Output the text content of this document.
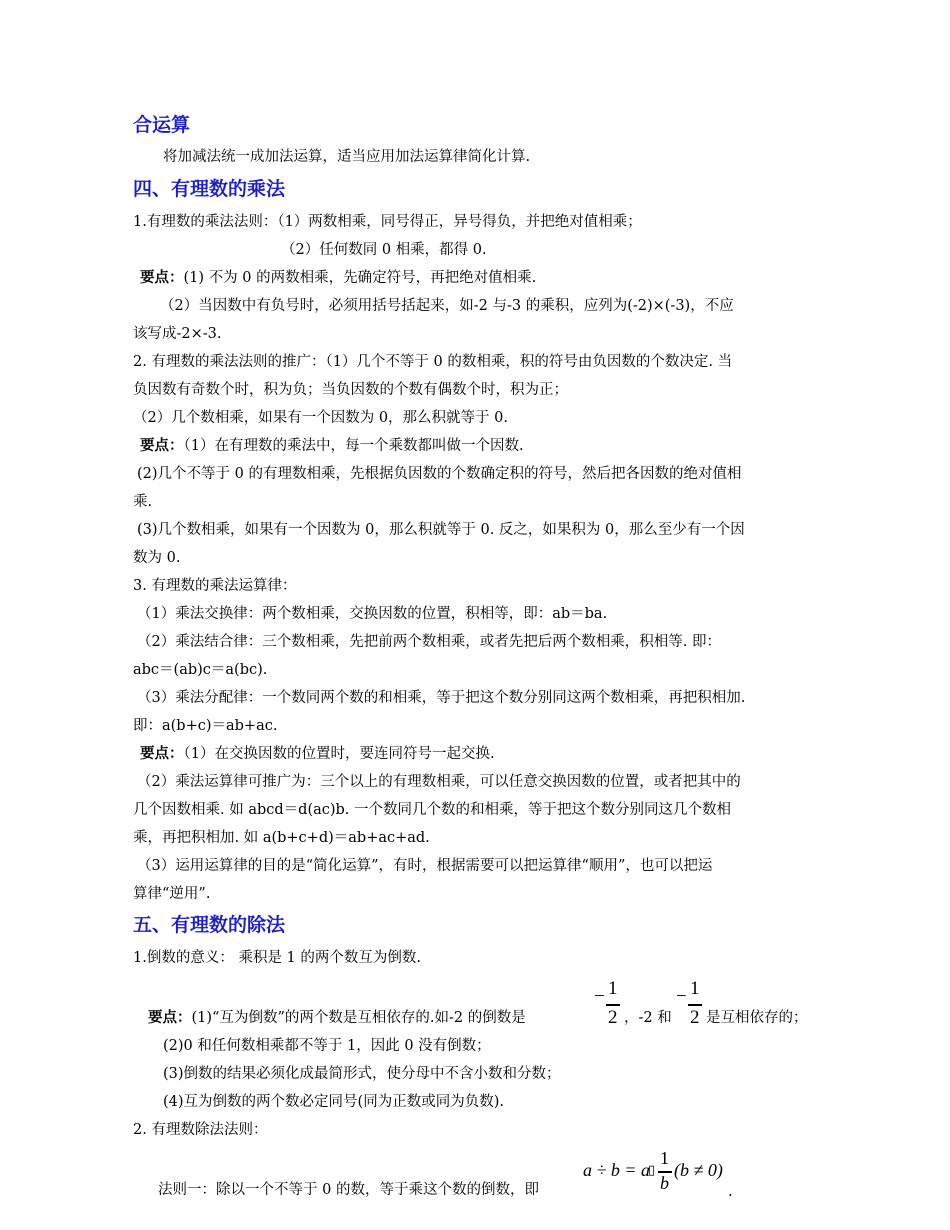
合运算
将加减法统一成加法运算，适当应用加法运算律简化计算.
四、有理数的乘法
1.有理数的乘法法则：（1）两数相乘，同号得正，异号得负，并把绝对值相乘；
（2）任何数同 0 相乘，都得 0.
要点：(1) 不为 0 的两数相乘，先确定符号，再把绝对值相乘.
（2）当因数中有负号时，必须用括号括起来，如-2 与-3 的乘积，应列为(-2)×(-3)，不应
该写成-2×-3.
2. 有理数的乘法法则的推广：（1）几个不等于 0 的数相乘，积的符号由负因数的个数决定. 当
负因数有奇数个时，积为负；当负因数的个数有偶数个时，积为正；
（2）几个数相乘，如果有一个因数为 0，那么积就等于 0.
要点：（1）在有理数的乘法中，每一个乘数都叫做一个因数.
(2)几个不等于 0 的有理数相乘，先根据负因数的个数确定积的符号，然后把各因数的绝对值相
乘.
(3)几个数相乘，如果有一个因数为 0，那么积就等于 0. 反之，如果积为 0，那么至少有一个因
数为 0.
3. 有理数的乘法运算律：
（1）乘法交换律：两个数相乘，交换因数的位置，积相等，即：ab＝ba.
（2）乘法结合律：三个数相乘，先把前两个数相乘，或者先把后两个数相乘，积相等. 即：
abc＝(ab)c＝a(bc).
（3）乘法分配律：一个数同两个数的和相乘，等于把这个数分别同这两个数相乘，再把积相加.
即：a(b+c)＝ab+ac.
要点：（1）在交换因数的位置时，要连同符号一起交换.
（2）乘法运算律可推广为：三个以上的有理数相乘，可以任意交换因数的位置，或者把其中的
几个因数相乘. 如 abcd＝d(ac)b. 一个数同几个数的和相乘，等于把这个数分别同这几个数相
乘，再把积相加. 如 a(b+c+d)＝ab+ac+ad.
（3）运用运算律的目的是“简化运算”，有时，根据需要可以把运算律“顺用”，也可以把运
算律“逆用”.
五、有理数的除法
1.倒数的意义： 乘积是 1 的两个数互为倒数.
要点：(1)“互为倒数”的两个数是互相依存的.如-2 的倒数是
− 1
2 ，-2 和
− 1
2 是互相依存的；
(2)0 和任何数相乘都不等于 1，因此 0 没有倒数；
(3)倒数的结果必须化成最简形式，使分母中不含小数和分数；
(4)互为倒数的两个数必定同号(同为正数或同为负数).
2. 有理数除法法则：
法则一：除以一个不等于 0 的数，等于乘这个数的倒数，即
a ÷ b = a
▯
1
b
(b ≠ 0)
.
